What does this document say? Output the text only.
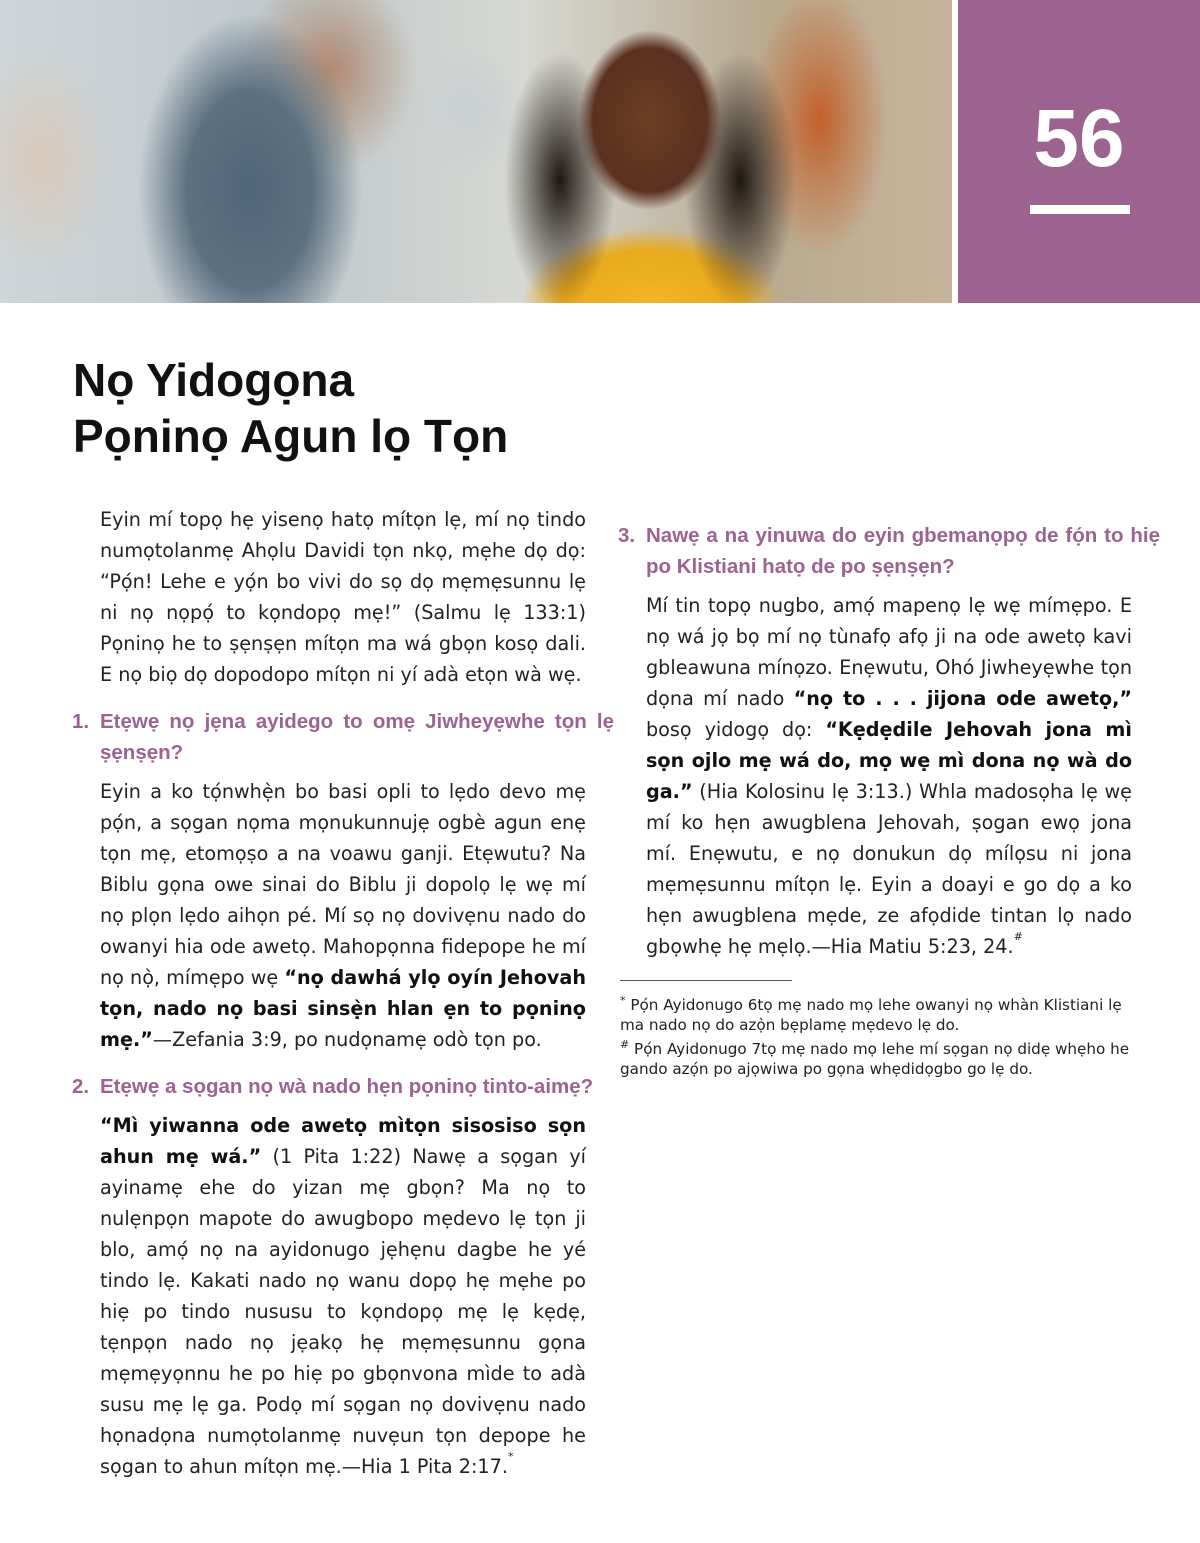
56
Nọ Yidogọna
Pọninọ Agun lọ Tọn

Eyin mí topọ hẹ yisenọ hatọ mítọn lẹ, mí nọ tindo numọtolanmẹ Ahọlu Davidi tọn nkọ, mẹhe dọ dọ: “Pọ́n! Lehe e yọ́n bo vivi do sọ dọ mẹmẹsunnu lẹ ni nọ nọpọ́ to kọndopọ mẹ!” (Salmu lẹ 133:1) Pọninọ he to ṣẹnṣẹn mítọn ma wá gbọn kosọ dali. E nọ biọ dọ dopodopo mítọn ni yí adà etọn wà wẹ.

1. Etẹwẹ nọ jẹna ayidego to omẹ Jiwheyẹwhe tọn lẹ ṣẹnṣẹn?

Eyin a ko tọ́nwhẹ̀n bo basi opli to lẹdo devo mẹ pọ́n, a sọgan nọma mọnukunnujẹ ogbè agun enẹ tọn mẹ, etomọṣo a na voawu ganji. Etẹwutu? Na Biblu gọna owe sinai do Biblu ji dopolọ lẹ wẹ mí nọ plọn lẹdo aihọn pé. Mí sọ nọ dovivẹnu nado do owanyi hia ode awetọ. Mahopọnna fidepope he mí nọ nọ̀, mímẹpo wẹ “nọ dawhá ylọ oyín Jehovah tọn, nado nọ basi sinsẹ̀n hlan ẹn to pọninọ mẹ.”—Zefania 3:9, po nudọnamẹ odò tọn po.

2. Etẹwẹ a sọgan nọ wà nado hẹn pọninọ tinto-aimẹ?

“Mì yiwanna ode awetọ mìtọn sisosiso sọn ahun mẹ wá.” (1 Pita 1:22) Nawẹ a sọgan yí ayinamẹ ehe do yizan mẹ gbọn? Ma nọ to nulẹnpọn mapote do awugbopo mẹdevo lẹ tọn ji blo, amọ́ nọ na ayidonugo jẹhẹnu dagbe he yé tindo lẹ. Kakati nado nọ wanu dopọ hẹ mẹhe po hiẹ po tindo nususu to kọndopọ mẹ lẹ kẹdẹ, tẹnpọn nado nọ jẹakọ hẹ mẹmẹsunnu gọna mẹmẹyọnnu he po hiẹ po gbọnvona mìde to adà susu mẹ lẹ ga. Podọ mí sọgan nọ dovivẹnu nado họnadọna numọtolanmẹ nuvẹun tọn depope he sọgan to ahun mítọn mẹ.—Hia 1 Pita 2:17.*

3. Nawẹ a na yinuwa do eyin gbemanọpọ de fọ́n to hiẹ po Klistiani hatọ de po ṣẹnṣẹn?

Mí tin topọ nugbo, amọ́ mapenọ lẹ wẹ mímẹpo. E nọ wá jọ bọ mí nọ tùnafọ afọ ji na ode awetọ kavi gbleawuna mínọzo. Enẹwutu, Ohó Jiwheyẹwhe tọn dọna mí nado “nọ to . . . jijona ode awetọ,” bosọ yidogọ dọ: “Kẹdẹdile Jehovah jona mì sọn ojlo mẹ wá do, mọ wẹ mì dona nọ wà do ga.” (Hia Kolosinu lẹ 3:13.) Whla madosọha lẹ wẹ mí ko hẹn awugblena Jehovah, ṣogan ewọ jona mí. Enẹwutu, e nọ donukun dọ mílọsu ni jona mẹmẹsunnu mítọn lẹ. Eyin a doayi e go dọ a ko hẹn awugblena mẹde, ze afọdide tintan lọ nado gbọwhẹ hẹ mẹlọ.—Hia Matiu 5:23, 24.#

* Pọ́n Ayidonugo 6tọ mẹ nado mọ lehe owanyi nọ whàn Klistiani lẹ ma nado nọ do azọ̀n bẹplamẹ mẹdevo lẹ do.

# Pọ́n Ayidonugo 7tọ mẹ nado mọ lehe mí sọgan nọ didẹ whẹho he gando azọ́n po ajọwiwa po gọna whẹdidọgbo go lẹ do.
